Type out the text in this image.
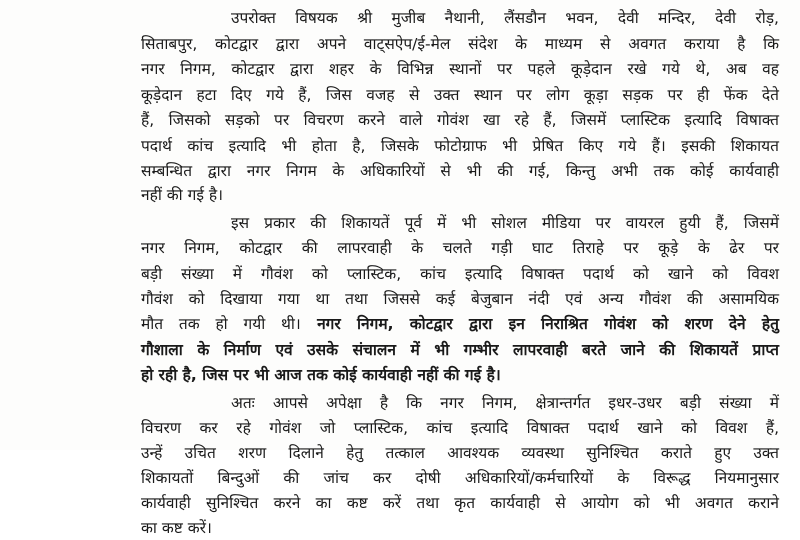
उपरोक्त विषयक श्री मुजीब नैथानी, लैंसडौन भवन, देवी मन्दिर, देवी रोड़,
सिताबपुर, कोटद्वार द्वारा अपने वाट्सऐप/ई-मेल संदेश के माध्यम से अवगत कराया है कि
नगर निगम, कोटद्वार द्वारा शहर के विभिन्न स्थानों पर पहले कूड़ेदान रखे गये थे, अब वह
कूड़ेदान हटा दिए गये हैं, जिस वजह से उक्त स्थान पर लोग कूड़ा सड़क पर ही फेंक देते
हैं, जिसको सड़को पर विचरण करने वाले गोवंश खा रहे हैं, जिसमें प्लास्टिक इत्यादि विषाक्त
पदार्थ कांच इत्यादि भी होता है, जिसके फोटोग्राफ भी प्रेषित किए गये हैं। इसकी शिकायत
सम्बन्धित द्वारा नगर निगम के अधिकारियों से भी की गई, किन्तु अभी तक कोई कार्यवाही
नहीं की गई है।
इस प्रकार की शिकायतें पूर्व में भी सोशल मीडिया पर वायरल हुयी हैं, जिसमें
नगर निगम, कोटद्वार की लापरवाही के चलते गड़ी घाट तिराहे पर कूड़े के ढेर पर
बड़ी संख्या में गौवंश को प्लास्टिक, कांच इत्यादि विषाक्त पदार्थ को खाने को विवश
गौवंश को दिखाया गया था तथा जिससे कई बेजुबान नंदी एवं अन्य गौवंश की असामयिक
मौत तक हो गयी थी। नगर निगम, कोटद्वार द्वारा इन निराश्रित गोवंश को शरण देने हेतु
गौशाला के निर्माण एवं उसके संचालन में भी गम्भीर लापरवाही बरते जाने की शिकायतें प्राप्त
हो रही है, जिस पर भी आज तक कोई कार्यवाही नहीं की गई है।
अतः आपसे अपेक्षा है कि नगर निगम, क्षेत्रान्तर्गत इधर-उधर बड़ी संख्या में
विचरण कर रहे गोवंश जो प्लास्टिक, कांच इत्यादि विषाक्त पदार्थ खाने को विवश हैं,
उन्हें उचित शरण दिलाने हेतु तत्काल आवश्यक व्यवस्था सुनिश्चित कराते हुए उक्त
शिकायतों बिन्दुओं की जांच कर दोषी अधिकारियों/कर्मचारियों के विरूद्ध नियमानुसार
कार्यवाही सुनिश्चित करने का कष्ट करें तथा कृत कार्यवाही से आयोग को भी अवगत कराने
का कष्ट करें।
